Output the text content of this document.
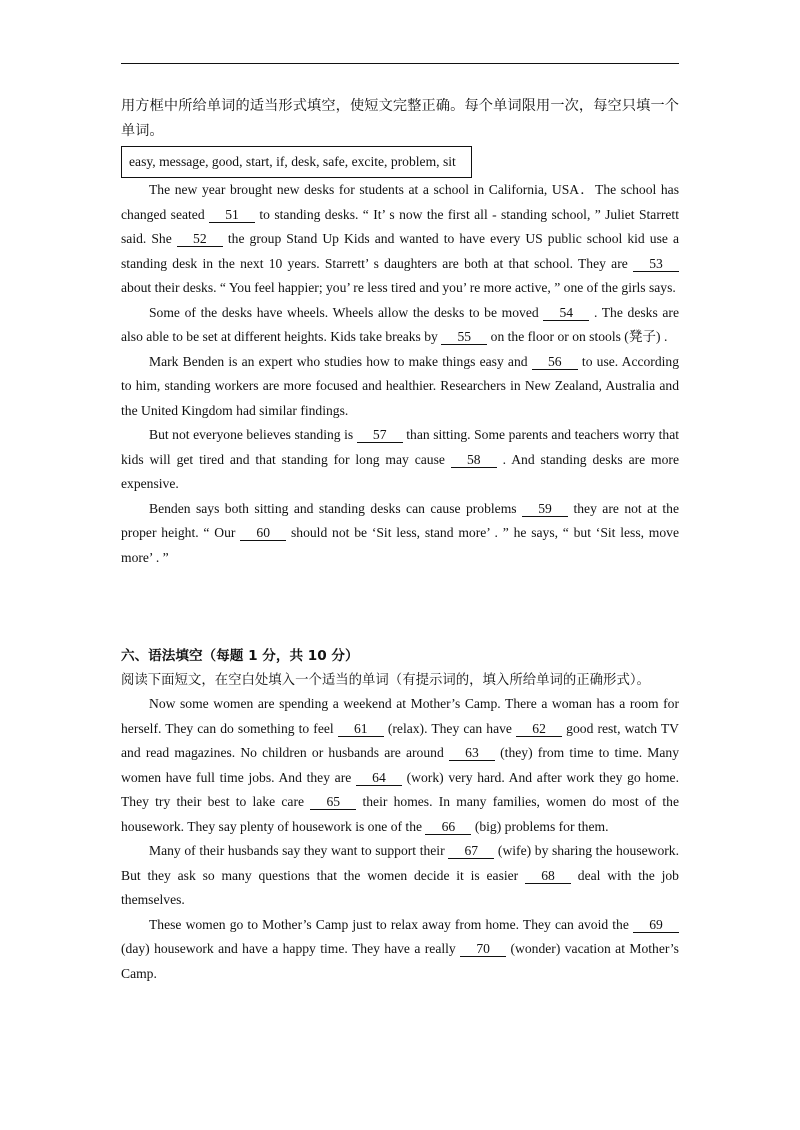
用方框中所给单词的适当形式填空，使短文完整正确。每个单词限用一次，每空只填一个单词。
easy, message, good, start, if, desk, safe, excite, problem, sit

The new year brought new desks for students at a school in California, USA．The school has changed seated 51 to standing desks. “ It’ s now the first all - standing school, ” Juliet Starrett said. She 52 the group Stand Up Kids and wanted to have every US public school kid use a standing desk in the next 10 years. Starrett’ s daughters are both at that school. They are 53 about their desks. “ You feel happier; you’ re less tired and you’ re more active, ” one of the girls says.

Some of the desks have wheels. Wheels allow the desks to be moved 54 . The desks are also able to be set at different heights. Kids take breaks by 55 on the floor or on stools (凳子) .

Mark Benden is an expert who studies how to make things easy and 56 to use. According to him, standing workers are more focused and healthier. Researchers in New Zealand, Australia and the United Kingdom had similar findings.

But not everyone believes standing is 57 than sitting. Some parents and teachers worry that kids will get tired and that standing for long may cause 58 . And standing desks are more expensive.

Benden says both sitting and standing desks can cause problems 59 they are not at the proper height. “ Our 60 should not be ‘Sit less, stand more’ . ” he says, “ but ‘Sit less, move more’ . ”

六、语法填空（每题 1 分，共 10 分）
阅读下面短文，在空白处填入一个适当的单词（有提示词的，填入所给单词的正确形式）。

Now some women are spending a weekend at Mother’s Camp. There a woman has a room for herself. They can do something to feel 61 (relax). They can have 62 good rest, watch TV and read magazines. No children or husbands are around 63 (they) from time to time. Many women have full time jobs. And they are 64 (work) very hard. And after work they go home. They try their best to lake care 65 their homes. In many families, women do most of the housework. They say plenty of housework is one of the 66 (big) problems for them.

Many of their husbands say they want to support their 67 (wife) by sharing the housework. But they ask so many questions that the women decide it is easier 68 deal with the job themselves.

These women go to Mother’s Camp just to relax away from home. They can avoid the 69 (day) housework and have a happy time. They have a really 70 (wonder) vacation at Mother’s Camp.
